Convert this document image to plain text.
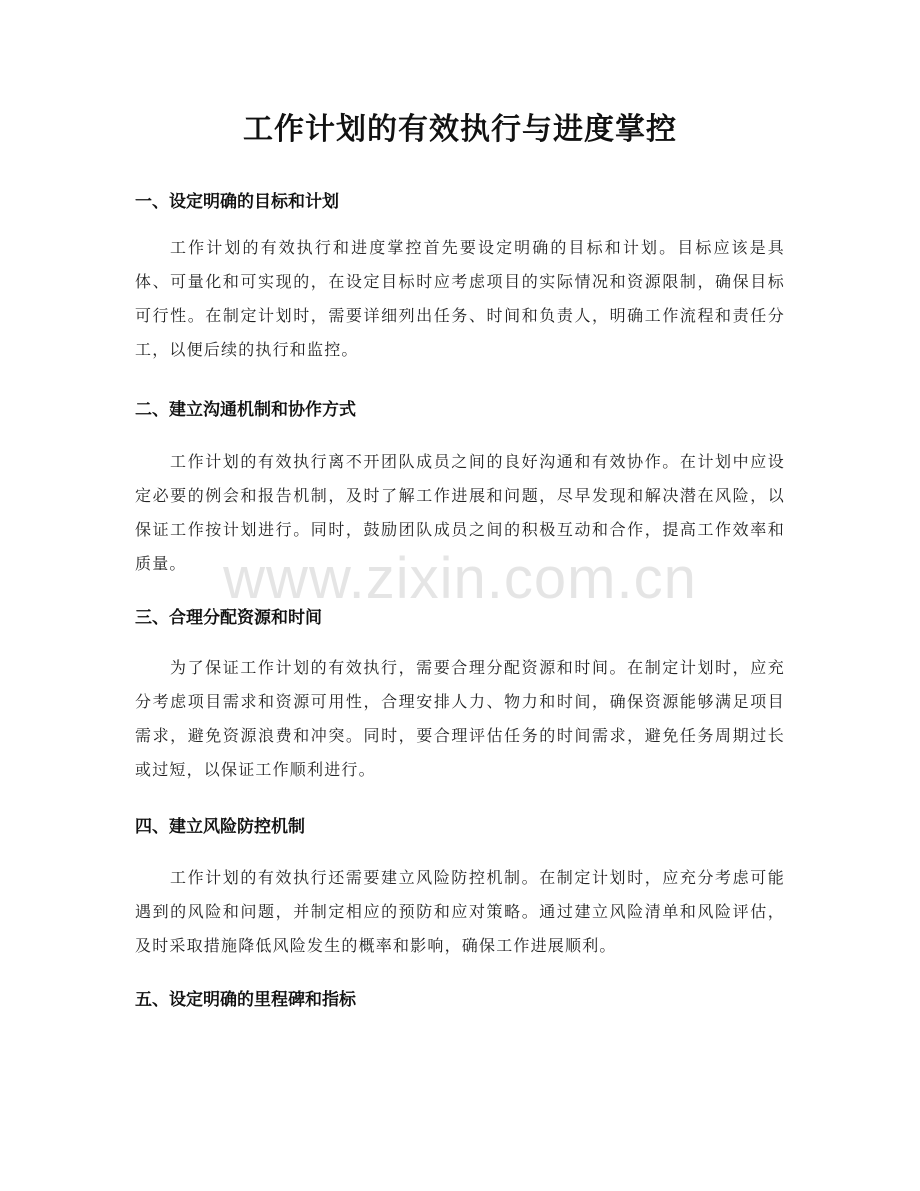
工作计划的有效执行与进度掌控
一、设定明确的目标和计划

工作计划的有效执行和进度掌控首先要设定明确的目标和计划。目标应该是具体、可量化和可实现的，在设定目标时应考虑项目的实际情况和资源限制，确保目标可行性。在制定计划时，需要详细列出任务、时间和负责人，明确工作流程和责任分工，以便后续的执行和监控。

二、建立沟通机制和协作方式

工作计划的有效执行离不开团队成员之间的良好沟通和有效协作。在计划中应设定必要的例会和报告机制，及时了解工作进展和问题，尽早发现和解决潜在风险，以保证工作按计划进行。同时，鼓励团队成员之间的积极互动和合作，提高工作效率和质量。

三、合理分配资源和时间

为了保证工作计划的有效执行，需要合理分配资源和时间。在制定计划时，应充分考虑项目需求和资源可用性，合理安排人力、物力和时间，确保资源能够满足项目需求，避免资源浪费和冲突。同时，要合理评估任务的时间需求，避免任务周期过长或过短，以保证工作顺利进行。

四、建立风险防控机制

工作计划的有效执行还需要建立风险防控机制。在制定计划时，应充分考虑可能遇到的风险和问题，并制定相应的预防和应对策略。通过建立风险清单和风险评估，及时采取措施降低风险发生的概率和影响，确保工作进展顺利。

五、设定明确的里程碑和指标
www.zixin.com.cn
